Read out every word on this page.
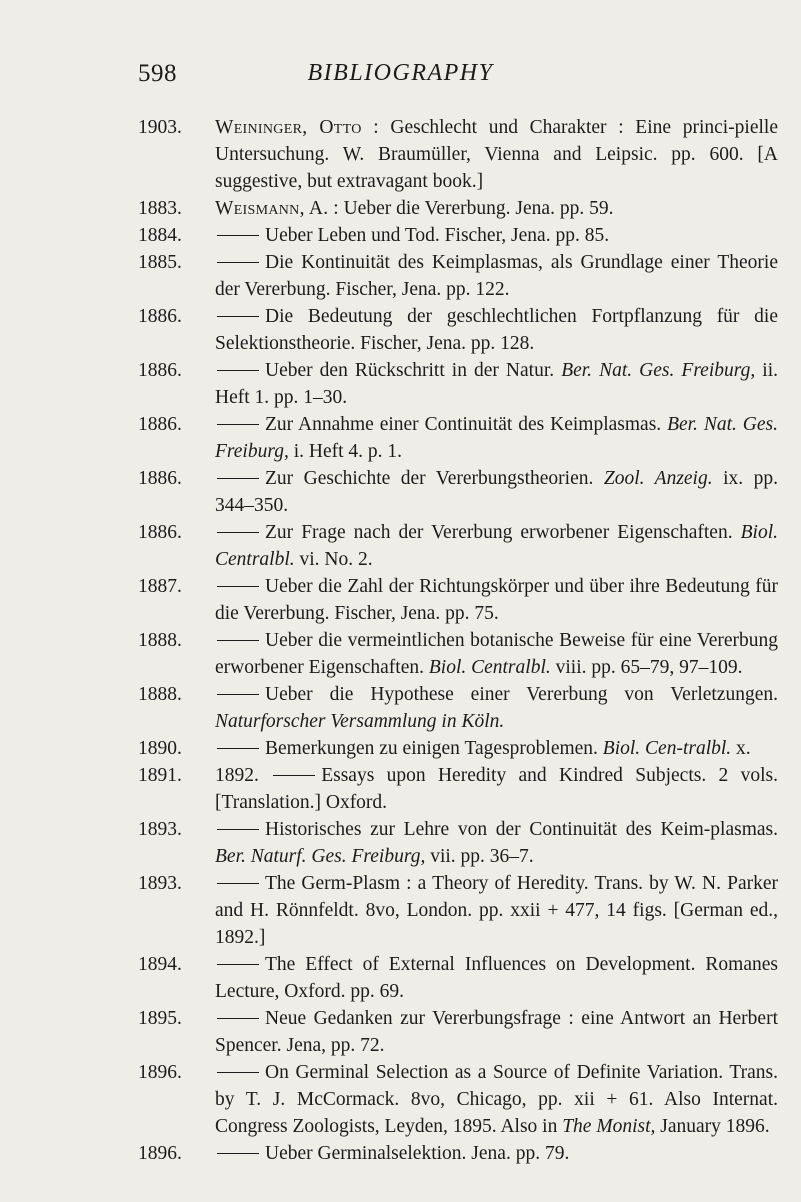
598	BIBLIOGRAPHY
1903.	Weininger, Otto : Geschlecht und Charakter : Eine princi-pielle Untersuchung. W. Braumüller, Vienna and Leipsic. pp. 600. [A suggestive, but extravagant book.]
1883.	Weismann, A. : Ueber die Vererbung. Jena. pp. 59.
1884.	Ueber Leben und Tod. Fischer, Jena. pp. 85.
1885.	Die Kontinuität des Keimplasmas, als Grundlage einer Theorie der Vererbung. Fischer, Jena. pp. 122.
1886.	Die Bedeutung der geschlechtlichen Fortpflanzung für die Selektionstheorie. Fischer, Jena. pp. 128.
1886.	Ueber den Rückschritt in der Natur. Ber. Nat. Ges. Freiburg, ii. Heft 1. pp. 1–30.
1886.	Zur Annahme einer Continuität des Keimplasmas. Ber. Nat. Ges. Freiburg, i. Heft 4. p. 1.
1886.	Zur Geschichte der Vererbungstheorien. Zool. Anzeig. ix. pp. 344–350.
1886.	Zur Frage nach der Vererbung erworbener Eigenschaften. Biol. Centralbl. vi. No. 2.
1887.	Ueber die Zahl der Richtungskörper und über ihre Bedeutung für die Vererbung. Fischer, Jena. pp. 75.
1888.	Ueber die vermeintlichen botanische Beweise für eine Vererbung erworbener Eigenschaften. Biol. Centralbl. viii. pp. 65–79, 97–109.
1888.	Ueber die Hypothese einer Vererbung von Verletzungen. Naturforscher Versammlung in Köln.
1890.	Bemerkungen zu einigen Tagesproblemen. Biol. Cen-tralbl. x.
1891.	1892.	Essays upon Heredity and Kindred Subjects. 2 vols. [Translation.] Oxford.
1893.	Historisches zur Lehre von der Continuität des Keim-plasmas. Ber. Naturf. Ges. Freiburg, vii. pp. 36–7.
1893.	The Germ-Plasm : a Theory of Heredity. Trans. by W. N. Parker and H. Rönnfeldt. 8vo, London. pp. xxii + 477, 14 figs. [German ed., 1892.]
1894.	The Effect of External Influences on Development. Romanes Lecture, Oxford. pp. 69.
1895.	Neue Gedanken zur Vererbungsfrage : eine Antwort an Herbert Spencer. Jena, pp. 72.
1896.	On Germinal Selection as a Source of Definite Variation. Trans. by T. J. McCormack. 8vo, Chicago, pp. xii + 61. Also Internat. Congress Zoologists, Leyden, 1895. Also in The Monist, January 1896.
1896.	Ueber Germinalselektion. Jena. pp. 79.
